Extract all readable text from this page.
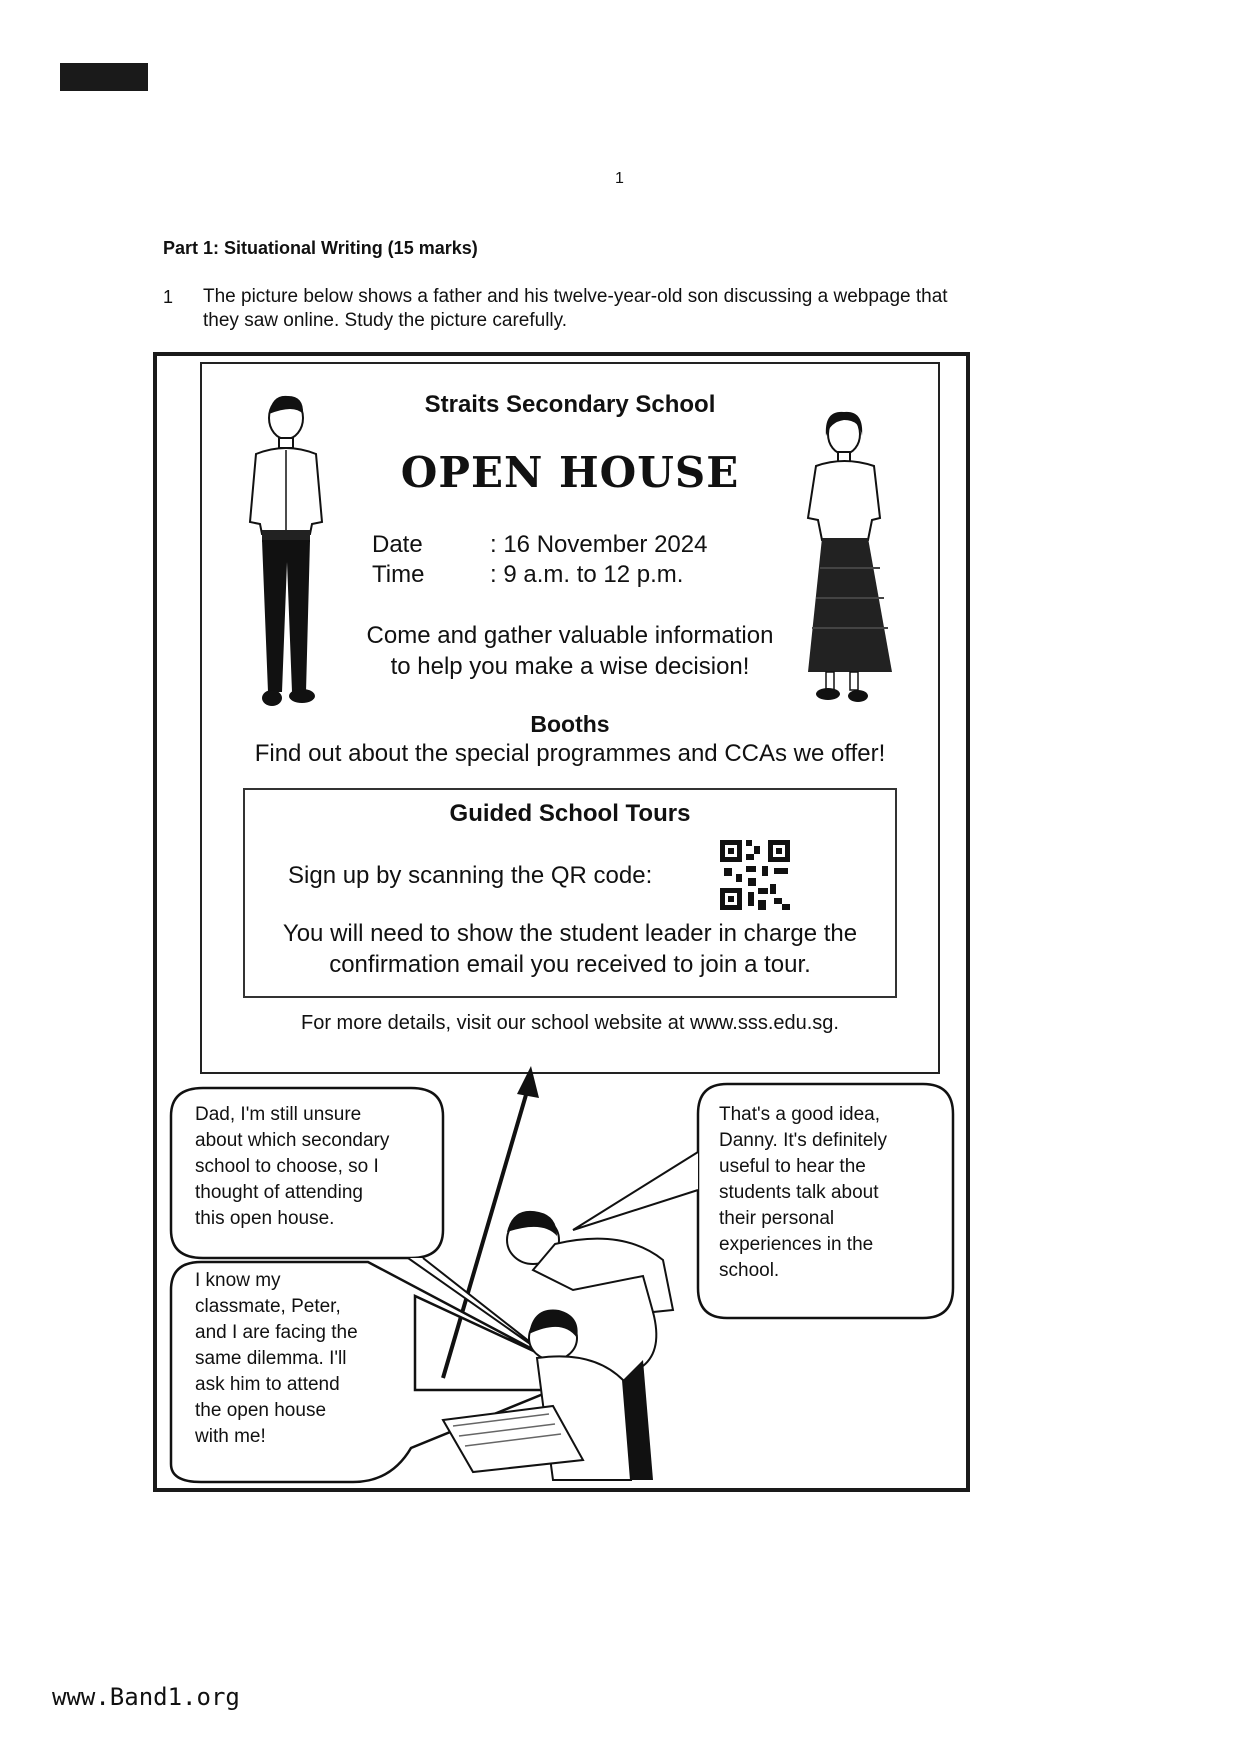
1
Part 1: Situational Writing (15 marks)
1 The picture below shows a father and his twelve-year-old son discussing a webpage that they saw online. Study the picture carefully.
Straits Secondary School
OPEN HOUSE
Date	: 16 November 2024
Time	: 9 a.m. to 12 p.m.
Come and gather valuable information
to help you make a wise decision!
Booths
Find out about the special programmes and CCAs we offer!
Guided School Tours
Sign up by scanning the QR code:
You will need to show the student leader in charge the
confirmation email you received to join a tour.
For more details, visit our school website at www.sss.edu.sg.
Dad, I'm still unsure
about which secondary
school to choose, so I
thought of attending
this open house.
I know my
classmate, Peter,
and I are facing the
same dilemma. I'll
ask him to attend
the open house
with me!
That's a good idea,
Danny. It's definitely
useful to hear the
students talk about
their personal
experiences in the
school.
www.Band1.org
